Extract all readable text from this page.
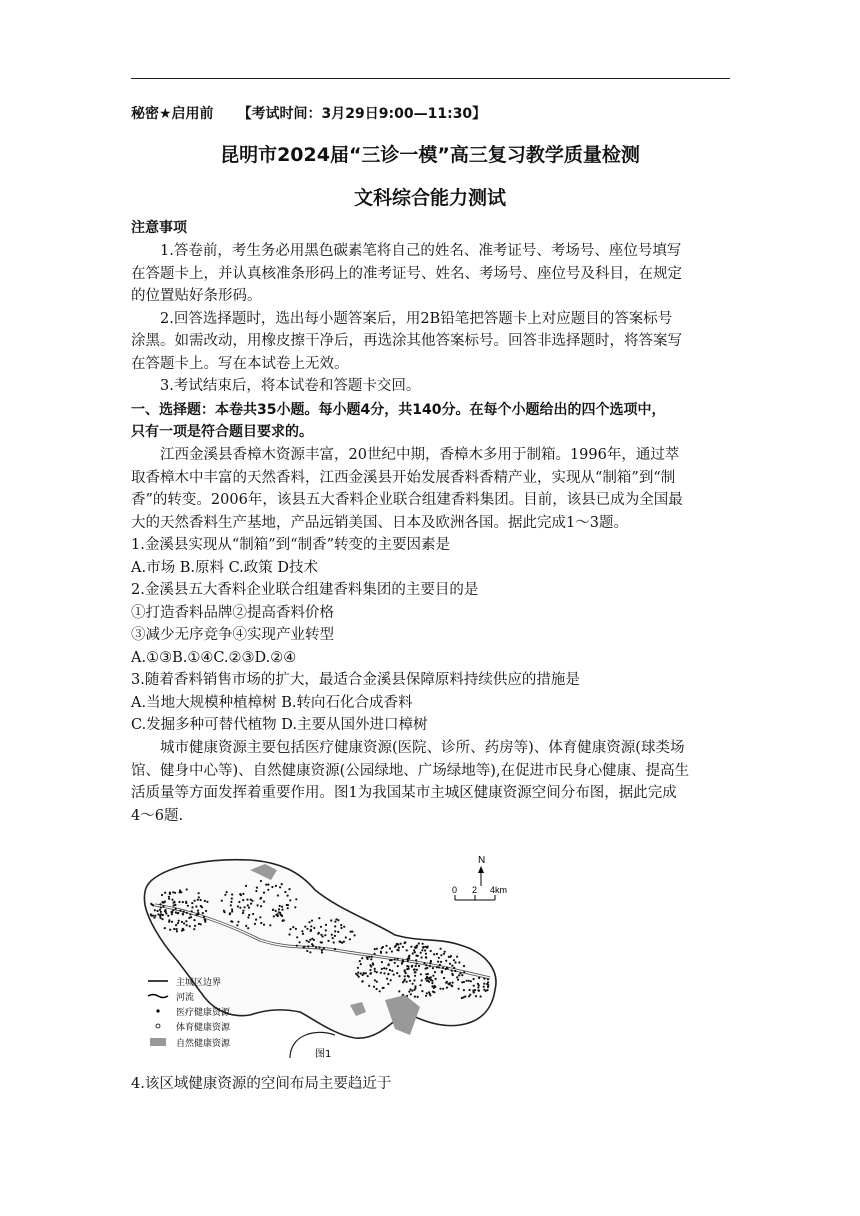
秘密★启用前 【考试时间：3月29日9:00—11:30】
昆明市2024届“三诊一模”高三复习教学质量检测
文科综合能力测试
注意事项
1.答卷前，考生务必用黑色碳素笔将自己的姓名、准考证号、考场号、座位号填写
在答题卡上，并认真核准条形码上的准考证号、姓名、考场号、座位号及科目，在规定
的位置贴好条形码。
2.回答选择题时，选出每小题答案后，用2B铅笔把答题卡上对应题目的答案标号
涂黑。如需改动，用橡皮擦干净后，再选涂其他答案标号。回答非选择题时，将答案写
在答题卡上。写在本试卷上无效。
3.考试结束后，将本试卷和答题卡交回。
一、选择题：本卷共35小题。每小题4分，共140分。在每个小题给出的四个选项中，
只有一项是符合题目要求的。
江西金溪县香樟木资源丰富，20世纪中期，香樟木多用于制箱。1996年，通过萃
取香樟木中丰富的天然香料，江西金溪县开始发展香料香精产业，实现从“制箱”到“制
香”的转变。2006年，该县五大香料企业联合组建香料集团。目前，该县已成为全国最
大的天然香料生产基地，产品远销美国、日本及欧洲各国。据此完成1～3题。
1.金溪县实现从“制箱”到“制香”转变的主要因素是
A.市场 B.原料 C.政策 D技术
2.金溪县五大香料企业联合组建香料集团的主要目的是
①打造香料品牌②提高香料价格
③减少无序竞争④实现产业转型
A.①③B.①④C.②③D.②④
3.随着香料销售市场的扩大，最适合金溪县保障原料持续供应的措施是
A.当地大规模种植樟树 B.转向石化合成香料
C.发掘多种可替代植物 D.主要从国外进口樟树
城市健康资源主要包括医疗健康资源(医院、诊所、药房等)、体育健康资源(球类场
馆、健身中心等)、自然健康资源(公园绿地、广场绿地等),在促进市民身心健康、提高生
活质量等方面发挥着重要作用。图1为我国某市主城区健康资源空间分布图，据此完成
4～6题.
N
0 2 4km
主城区边界
河流
医疗健康资源
体育健康资源
自然健康资源
图1
4.该区域健康资源的空间布局主要趋近于
